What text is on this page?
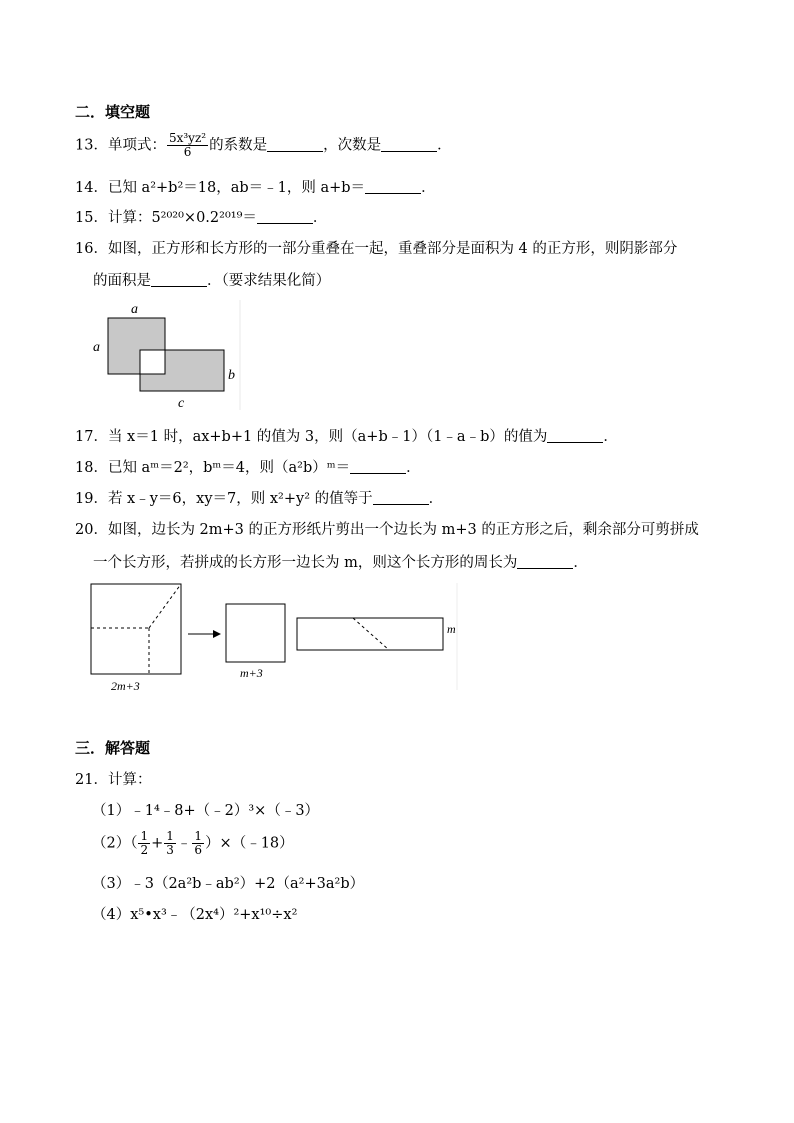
二．填空题
13．单项式： $\frac{\text{5x³yz²}}{6}$ 的系数是	，次数是	．
14．已知 a²+b²＝18，ab＝﹣1，则 a+b＝	．
15．计算：5²⁰²⁰×0.2²⁰¹⁹＝	．
16．如图，正方形和长方形的一部分重叠在一起，重叠部分是面积为 4 的正方形，则阴影部分
的面积是	．（要求结果化简）
a
a
b
c
17．当 x＝1 时，ax+b+1 的值为 3，则（a+b﹣1）（1﹣a﹣b）的值为	．
18．已知 aᵐ＝2²，bᵐ＝4，则（a²b）ᵐ＝	．
19．若 x﹣y＝6，xy＝7，则 x²+y² 的值等于	．
20．如图，边长为 2m+3 的正方形纸片剪出一个边长为 m+3 的正方形之后，剩余部分可剪拼成
一个长方形，若拼成的长方形一边长为 m，则这个长方形的周长为	．
2m+3
m+3
m
三．解答题
21．计算：
（1）﹣1⁴﹣8+（﹣2）³×（﹣3）
$(2)( \frac{1}{2} + \frac{1}{3}$ ﹣ $\frac{1}{6}$ ）×（﹣18）
（3）﹣3（2a²b﹣ab²）+2（a²+3a²b）
（4）x⁵•x³﹣（2x⁴）²+x¹⁰÷x²
